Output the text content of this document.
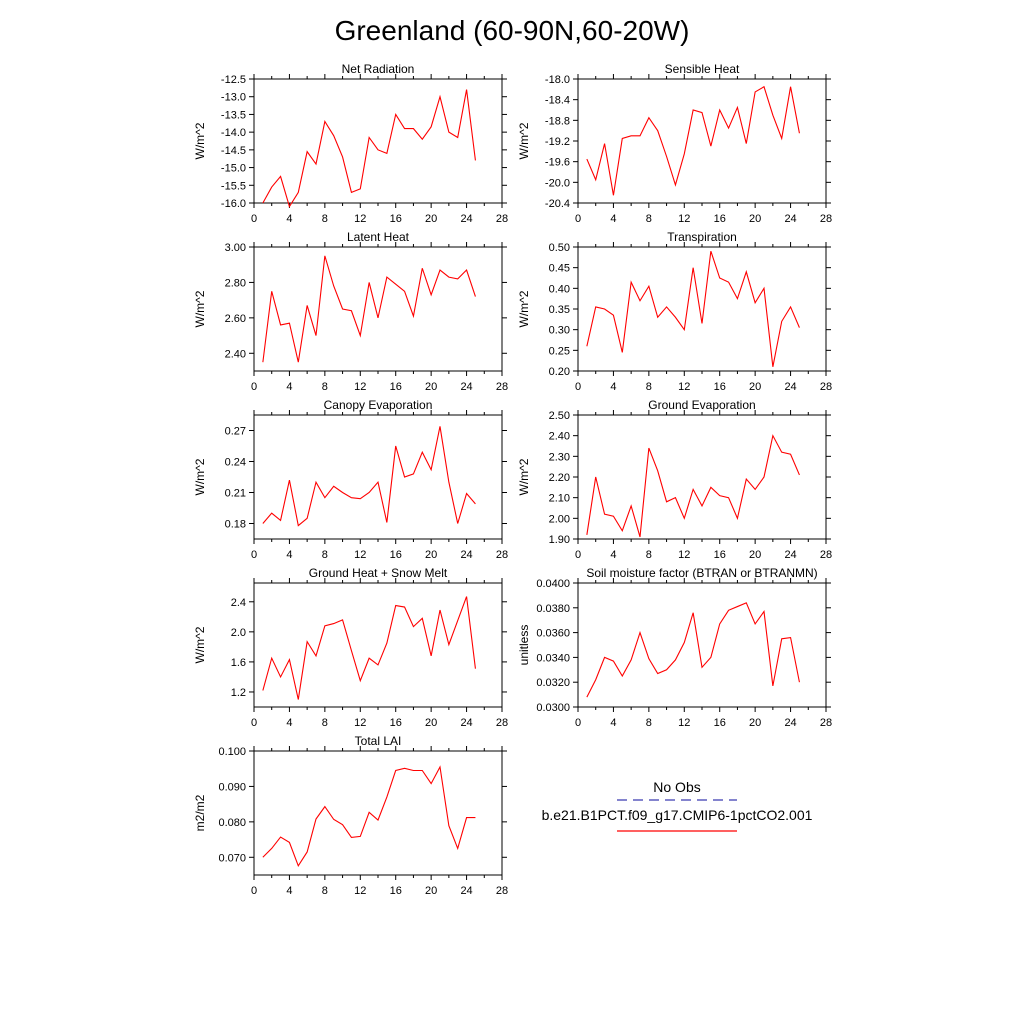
Greenland (60-90N,60-20W)
Net Radiation
W/m^2
0	4	8 12 16 20 24 28
-16.0
-15.5
-15.0
-14.5
-14.0
-13.5
-13.0
-12.5
Sensible Heat
W/m^2
0	4	8 12 16 20 24 28
-20.4
-20.0
-19.6
-19.2
-18.8
-18.4
-18.0
Latent Heat
W/m^2
0	4	8 12 16 20 24 28
2.40
2.60
2.80
3.00
Transpiration
W/m^2
0	4	8 12 16 20 24 28
0.20
0.25
0.30
0.35
0.40
0.45
0.50
Canopy Evaporation
W/m^2
0	4	8 12 16 20 24 28
0.18
0.21
0.24
0.27
Ground Evaporation
W/m^2
0	4	8 12 16 20 24 28
1.90
2.00
2.10
2.20
2.30
2.40
2.50
Ground Heat + Snow Melt
W/m^2
0	4	8 12 16 20 24 28
1.2
1.6
2.0
2.4
Soil moisture factor (BTRAN or BTRANMN)
unitless
0	4	8 12 16 20 24 28
0.0300
0.0320
0.0340
0.0360
0.0380
0.0400
Total LAI
m2/m2
0	4	8 12 16 20 24 28
0.070
0.080
0.090
0.100
No Obs
b.e21.B1PCT.f09_g17.CMIP6-1pctCO2.001
